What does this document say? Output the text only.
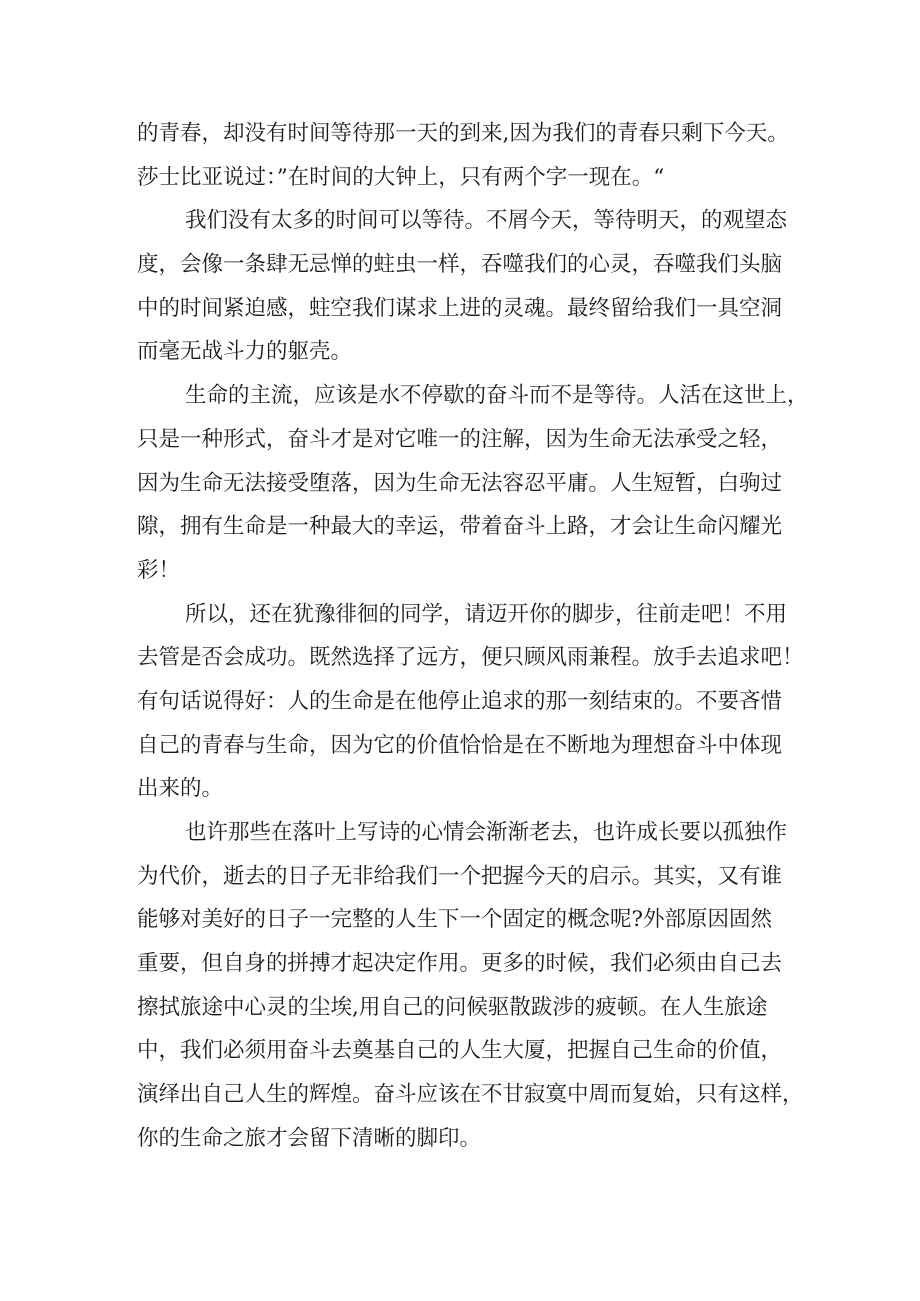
的青春，却没有时间等待那一天的到来,因为我们的青春只剩下今天。
莎士比亚说过：”在时间的大钟上，只有两个字一现在。“
我们没有太多的时间可以等待。不屑今天，等待明天，的观望态
度，会像一条肆无忌惮的蛀虫一样，吞噬我们的心灵，吞噬我们头脑
中的时间紧迫感，蛀空我们谋求上进的灵魂。最终留给我们一具空洞
而毫无战斗力的躯壳。
生命的主流，应该是水不停歇的奋斗而不是等待。人活在这世上，
只是一种形式，奋斗才是对它唯一的注解，因为生命无法承受之轻，
因为生命无法接受堕落，因为生命无法容忍平庸。人生短暂，白驹过
隙，拥有生命是一种最大的幸运，带着奋斗上路，才会让生命闪耀光
彩！
所以，还在犹豫徘徊的同学，请迈开你的脚步，往前走吧！不用
去管是否会成功。既然选择了远方，便只顾风雨兼程。放手去追求吧！
有句话说得好：人的生命是在他停止追求的那一刻结束的。不要吝惜
自己的青春与生命，因为它的价值恰恰是在不断地为理想奋斗中体现
出来的。
也许那些在落叶上写诗的心情会渐渐老去，也许成长要以孤独作
为代价，逝去的日子无非给我们一个把握今天的启示。其实，又有谁
能够对美好的日子一完整的人生下一个固定的概念呢?外部原因固然
重要，但自身的拼搏才起决定作用。更多的时候，我们必须由自己去
擦拭旅途中心灵的尘埃,用自己的问候驱散跋涉的疲顿。在人生旅途
中，我们必须用奋斗去奠基自己的人生大厦，把握自己生命的价值，
演绎出自己人生的辉煌。奋斗应该在不甘寂寞中周而复始，只有这样，
你的生命之旅才会留下清晰的脚印。
